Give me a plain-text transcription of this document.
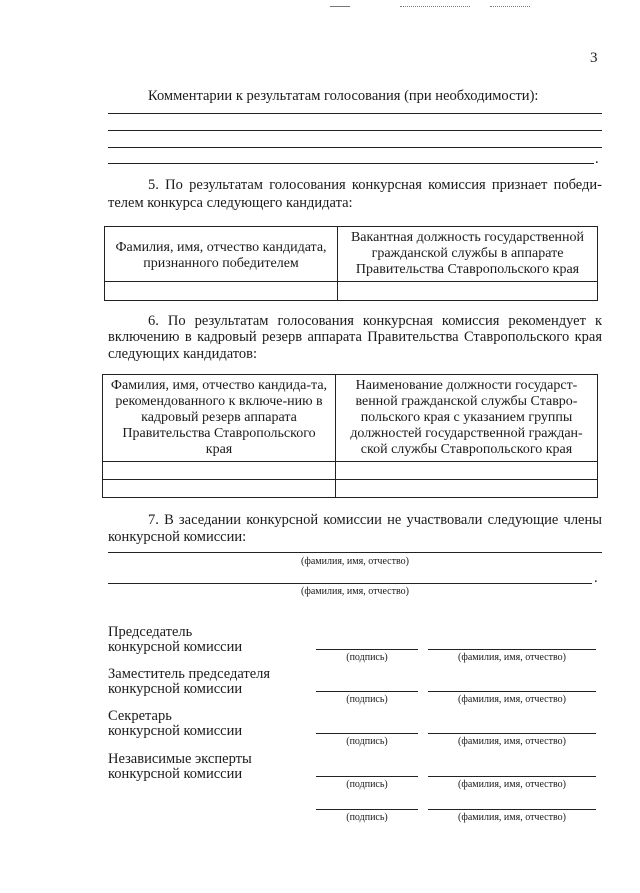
3
Комментарии к результатам голосования (при необходимости):
.
5. По результатам голосования конкурсная комиссия признает победи-
телем конкурса следующего кандидата:
Фамилия, имя, отчество кандидата, признанного победителем	Вакантная должность государственной гражданской службы в аппарате Правительства Ставропольского края

6. По результатам голосования конкурсная комиссия рекомендует к
включению в кадровый резерв аппарата Правительства Ставропольского края
следующих кандидатов:
Фамилия, имя, отчество кандида-та, рекомендованного к включе-нию в кадровый резерв аппарата Правительства Ставропольского края	Наименование должности государст-венной гражданской службы Ставро-польского края с указанием группы должностей государственной граждан-ской службы Ставропольского края

7. В заседании конкурсной комиссии не участвовали следующие члены
конкурсной комиссии:
(фамилия, имя, отчество)
.
(фамилия, имя, отчество)
Председатель
конкурсной комиссии
(подпись)	(фамилия, имя, отчество)
Заместитель председателя
конкурсной комиссии
(подпись)	(фамилия, имя, отчество)
Секретарь
конкурсной комиссии
(подпись)	(фамилия, имя, отчество)
Независимые эксперты
конкурсной комиссии
(подпись)	(фамилия, имя, отчество)
(подпись)	(фамилия, имя, отчество)
